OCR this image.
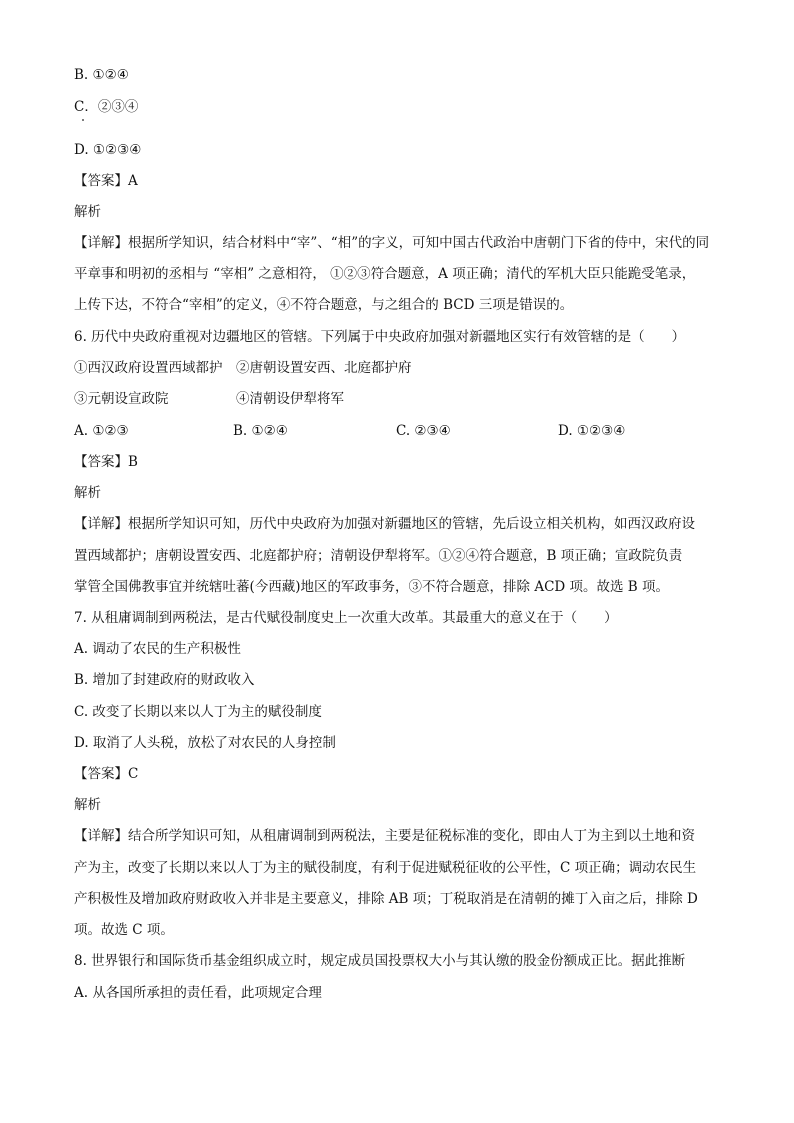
B. ①②④
C．②③④
D. ①②③④
【答案】A
解析
【详解】根据所学知识，结合材料中“宰”、“相”的字义，可知中国古代政治中唐朝门下省的侍中，宋代的同
平章事和明初的丞相与 “宰相” 之意相符， ①②③符合题意，A 项正确；清代的军机大臣只能跪受笔录，
上传下达，不符合“宰相”的定义，④不符合题意，与之组合的 BCD 三项是错误的。
6. 历代中央政府重视对边疆地区的管辖。下列属于中央政府加强对新疆地区实行有效管辖的是（　　）
①西汉政府设置西域都护　②唐朝设置安西、北庭都护府
③元朝设宣政院　　　　　④清朝设伊犁将军
A. ①②③	B. ①②④	C. ②③④	D. ①②③④
【答案】B
解析
【详解】根据所学知识可知，历代中央政府为加强对新疆地区的管辖，先后设立相关机构，如西汉政府设
置西域都护；唐朝设置安西、北庭都护府；清朝设伊犁将军。①②④符合题意，B 项正确；宣政院负责
掌管全国佛教事宜并统辖吐蕃(今西藏)地区的军政事务，③不符合题意，排除 ACD 项。故选 B 项。
7. 从租庸调制到两税法，是古代赋役制度史上一次重大改革。其最重大的意义在于（　　）
A. 调动了农民的生产积极性
B. 增加了封建政府的财政收入
C. 改变了长期以来以人丁为主的赋役制度
D. 取消了人头税，放松了对农民的人身控制
【答案】C
解析
【详解】结合所学知识可知，从租庸调制到两税法，主要是征税标准的变化，即由人丁为主到以土地和资
产为主，改变了长期以来以人丁为主的赋役制度，有利于促进赋税征收的公平性，C 项正确；调动农民生
产积极性及增加政府财政收入并非是主要意义，排除 AB 项；丁税取消是在清朝的摊丁入亩之后，排除 D
项。故选 C 项。
8. 世界银行和国际货币基金组织成立时，规定成员国投票权大小与其认缴的股金份额成正比。据此推断
A. 从各国所承担的责任看，此项规定合理
